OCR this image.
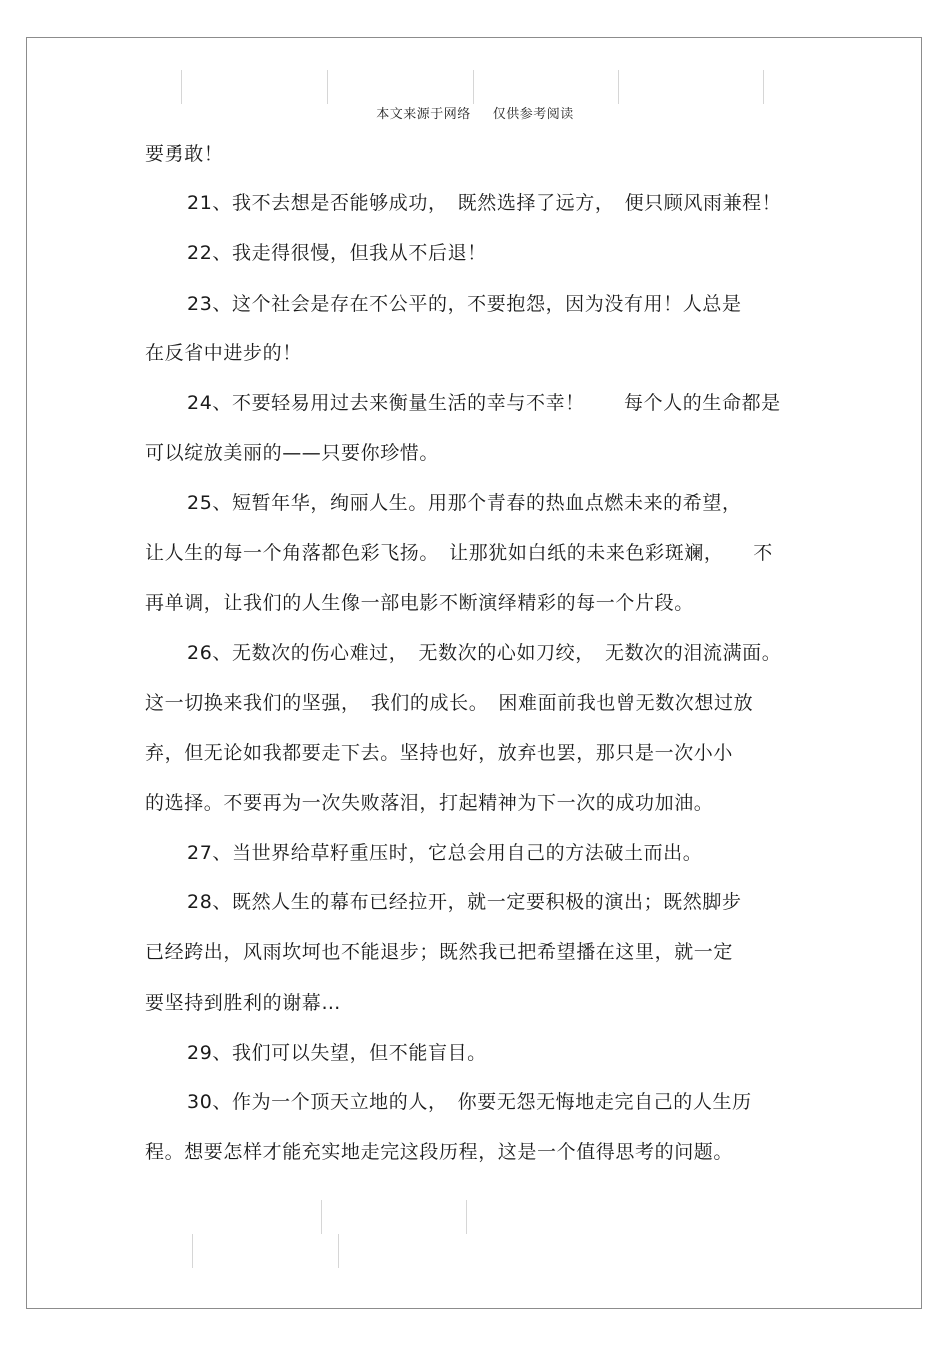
本文来源于网络 仅供参考阅读
要勇敢！
21、我不去想是否能够成功，　既然选择了远方，　便只顾风雨兼程！
22、我走得很慢，但我从不后退！
23、这个社会是存在不公平的，不要抱怨，因为没有用！人总是
在反省中进步的！
24、不要轻易用过去来衡量生活的幸与不幸！　　每个人的生命都是
可以绽放美丽的——只要你珍惜。
25、短暂年华，绚丽人生。用那个青春的热血点燃未来的希望，
让人生的每一个角落都色彩飞扬。　让那犹如白纸的未来色彩斑斓，　　不
再单调，让我们的人生像一部电影不断演绎精彩的每一个片段。
26、无数次的伤心难过，　无数次的心如刀绞，　无数次的泪流满面。
这一切换来我们的坚强，　我们的成长。　困难面前我也曾无数次想过放
弃，但无论如我都要走下去。坚持也好，放弃也罢，那只是一次小小
的选择。不要再为一次失败落泪，打起精神为下一次的成功加油。
27、当世界给草籽重压时，它总会用自己的方法破土而出。
28、既然人生的幕布已经拉开，就一定要积极的演出；既然脚步
已经跨出，风雨坎坷也不能退步；既然我已把希望播在这里，就一定
要坚持到胜利的谢幕…
29、我们可以失望，但不能盲目。
30、作为一个顶天立地的人，　你要无怨无悔地走完自己的人生历
程。想要怎样才能充实地走完这段历程，这是一个值得思考的问题。
